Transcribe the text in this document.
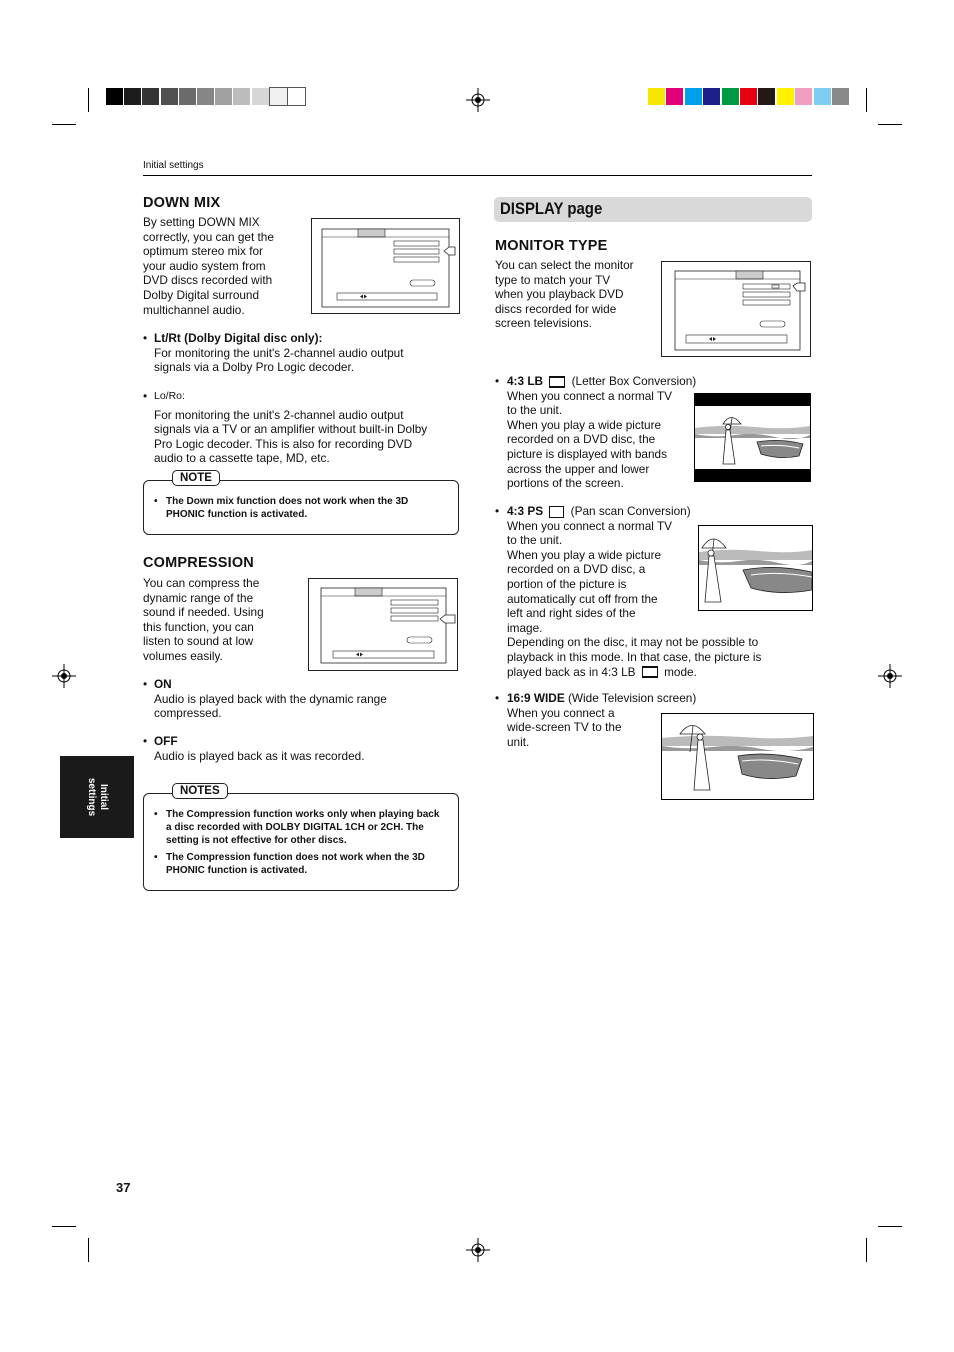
Initial settings
Initial settings
37
DOWN MIX
By setting DOWN MIX
correctly, you can get the
optimum stereo mix for
your audio system from
DVD discs recorded with
Dolby Digital surround
multichannel audio.
• Lt/Rt (Dolby Digital disc only):
For monitoring the unit's 2-channel audio output
signals via a Dolby Pro Logic decoder.
• Lo/Ro:
For monitoring the unit's 2-channel audio output
signals via a TV or an amplifier without built-in Dolby
Pro Logic decoder. This is also for recording DVD
audio to a cassette tape, MD, etc.
• The Down mix function does not work when the 3D
PHONIC function is activated.
NOTE
COMPRESSION
You can compress the
dynamic range of the
sound if needed. Using
this function, you can
listen to sound at low
volumes easily.
• ON
Audio is played back with the dynamic range
compressed.
• OFF
Audio is played back as it was recorded.
• The Compression function works only when playing back
a disc recorded with DOLBY DIGITAL 1CH or 2CH. The
setting is not effective for other discs.
• The Compression function does not work when the 3D
PHONIC function is activated.
NOTES
DISPLAY page
MONITOR TYPE
You can select the monitor
type to match your TV
when you playback DVD
discs recorded for wide
screen televisions.
• 4:3 LB (Letter Box Conversion)
When you connect a normal TV
to the unit.
When you play a wide picture
recorded on a DVD disc, the
picture is displayed with bands
across the upper and lower
portions of the screen.
• 4:3 PS (Pan scan Conversion)
When you connect a normal TV
to the unit.
When you play a wide picture
recorded on a DVD disc, a
portion of the picture is
automatically cut off from the
left and right sides of the
image.
Depending on the disc, it may not be possible to
playback in this mode. In that case, the picture is
played back as in 4:3 LB mode.
• 16:9 WIDE (Wide Television screen)
When you connect a
wide-screen TV to the
unit.
